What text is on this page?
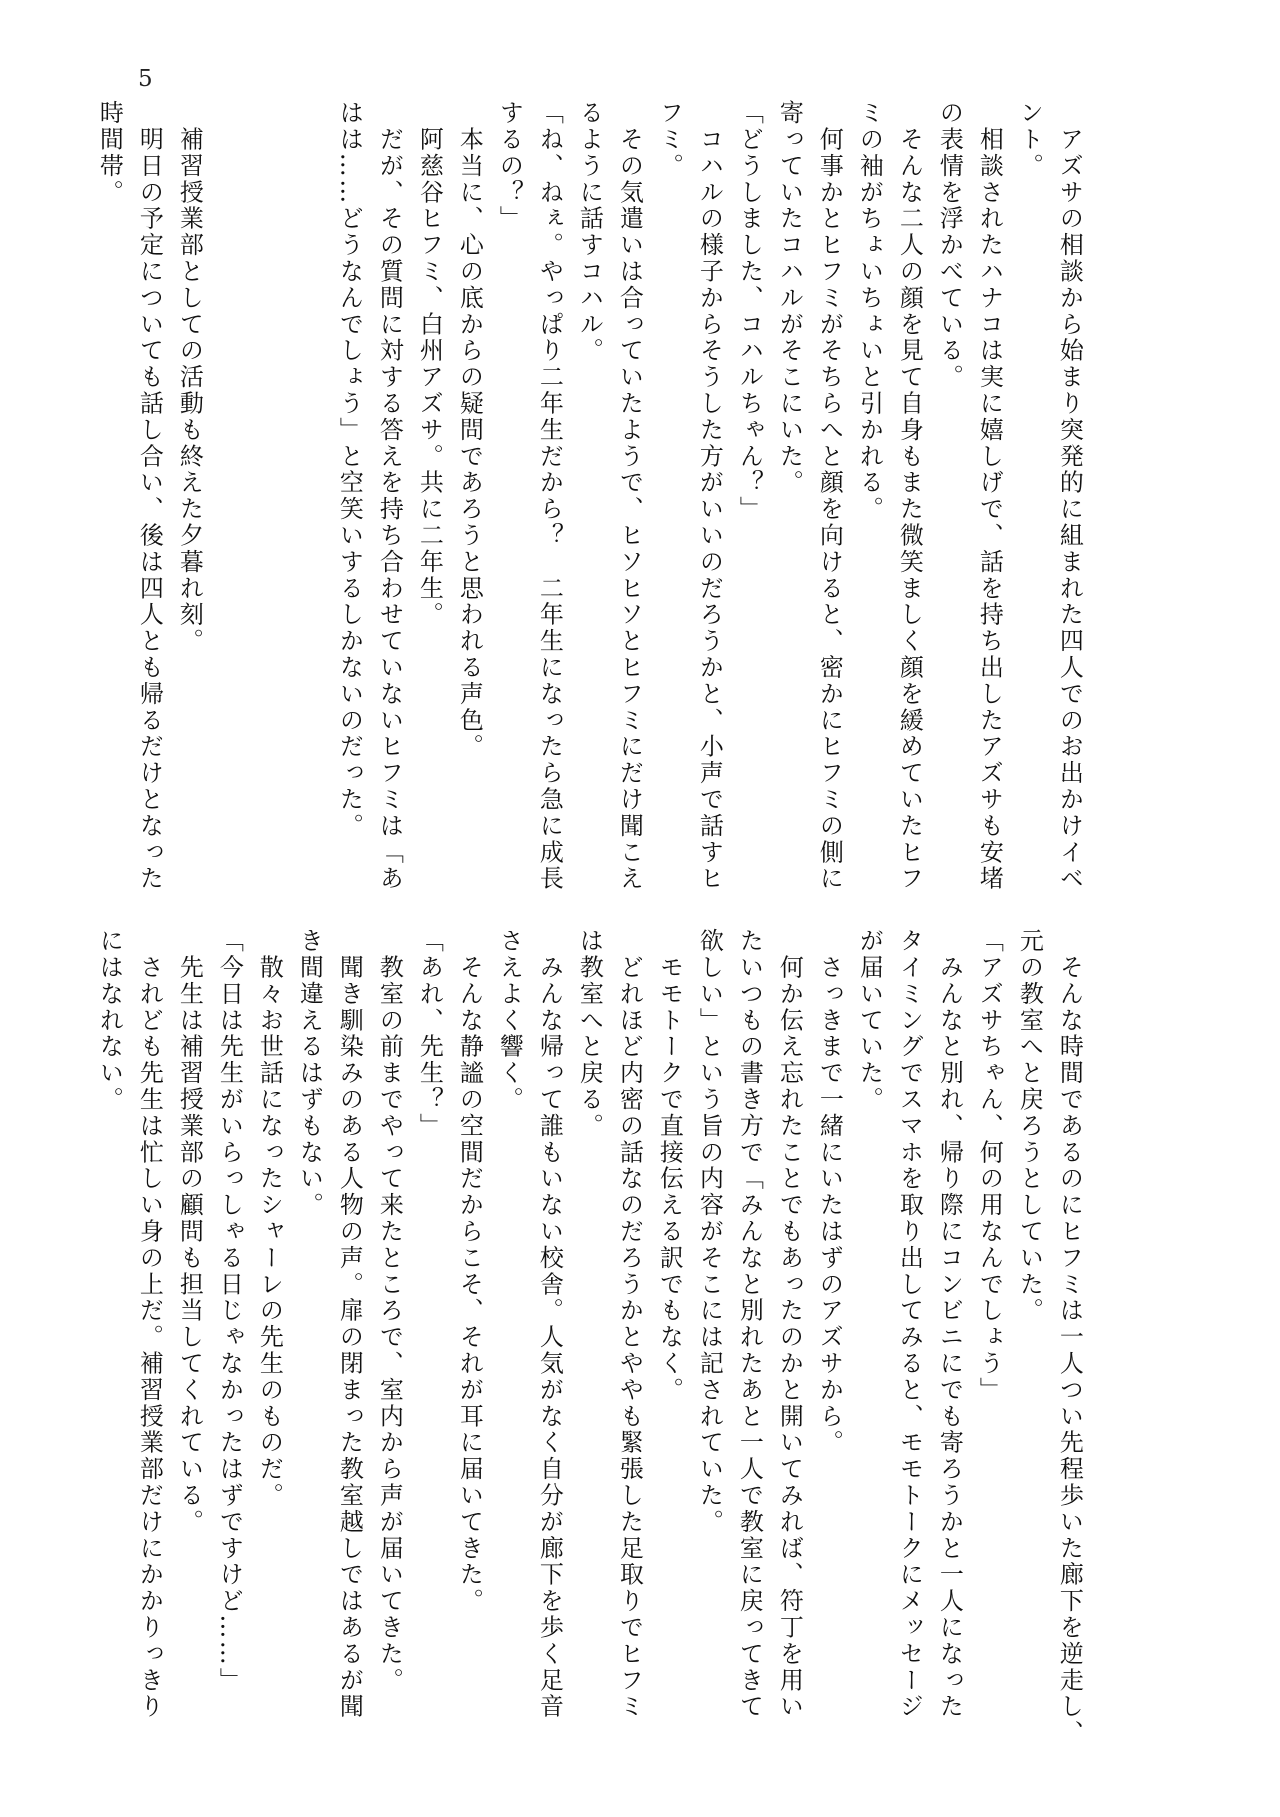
5
　アズサの相談から始まり突発的に組まれた四人でのお出かけイベ
ント。
　相談されたハナコは実に嬉しげで、話を持ち出したアズサも安堵
の表情を浮かべている。
　そんな二人の顔を見て自身もまた微笑ましく顔を緩めていたヒフ
ミの袖がちょいちょいと引かれる。
　何事かとヒフミがそちらへと顔を向けると、密かにヒフミの側に
寄っていたコハルがそこにいた。
「どうしました、コハルちゃん？」
　コハルの様子からそうした方がいいのだろうかと、小声で話すヒ
フミ。
　その気遣いは合っていたようで、ヒソヒソとヒフミにだけ聞こえ
るように話すコハル。
「ね、ねぇ。やっぱり二年生だから？　二年生になったら急に成長
するの？」
　本当に、心の底からの疑問であろうと思われる声色。
　阿慈谷ヒフミ、白州アズサ。共に二年生。
　だが、その質問に対する答えを持ち合わせていないヒフミは「あ
はは……どうなんでしょう」と空笑いするしかないのだった。
　補習授業部としての活動も終えた夕暮れ刻。
　明日の予定についても話し合い、後は四人とも帰るだけとなった
時間帯。
　そんな時間であるのにヒフミは一人つい先程歩いた廊下を逆走し、
元の教室へと戻ろうとしていた。
「アズサちゃん、何の用なんでしょう」
　みんなと別れ、帰り際にコンビニにでも寄ろうかと一人になった
タイミングでスマホを取り出してみると、モモトークにメッセージ
が届いていた。
　さっきまで一緒にいたはずのアズサから。
　何か伝え忘れたことでもあったのかと開いてみれば、符丁を用い
たいつもの書き方で「みんなと別れたあと一人で教室に戻ってきて
欲しい」という旨の内容がそこには記されていた。
　モモトークで直接伝える訳でもなく。
　どれほど内密の話なのだろうかとややも緊張した足取りでヒフミ
は教室へと戻る。
　みんな帰って誰もいない校舎。人気がなく自分が廊下を歩く足音
さえよく響く。
　そんな静謐の空間だからこそ、それが耳に届いてきた。
「あれ、先生？」
　教室の前までやって来たところで、室内から声が届いてきた。
　聞き馴染みのある人物の声。扉の閉まった教室越しではあるが聞
き間違えるはずもない。
　散々お世話になったシャーレの先生のものだ。
「今日は先生がいらっしゃる日じゃなかったはずですけど……」
　先生は補習授業部の顧問も担当してくれている。
　されども先生は忙しい身の上だ。補習授業部だけにかかりっきり
にはなれない。
